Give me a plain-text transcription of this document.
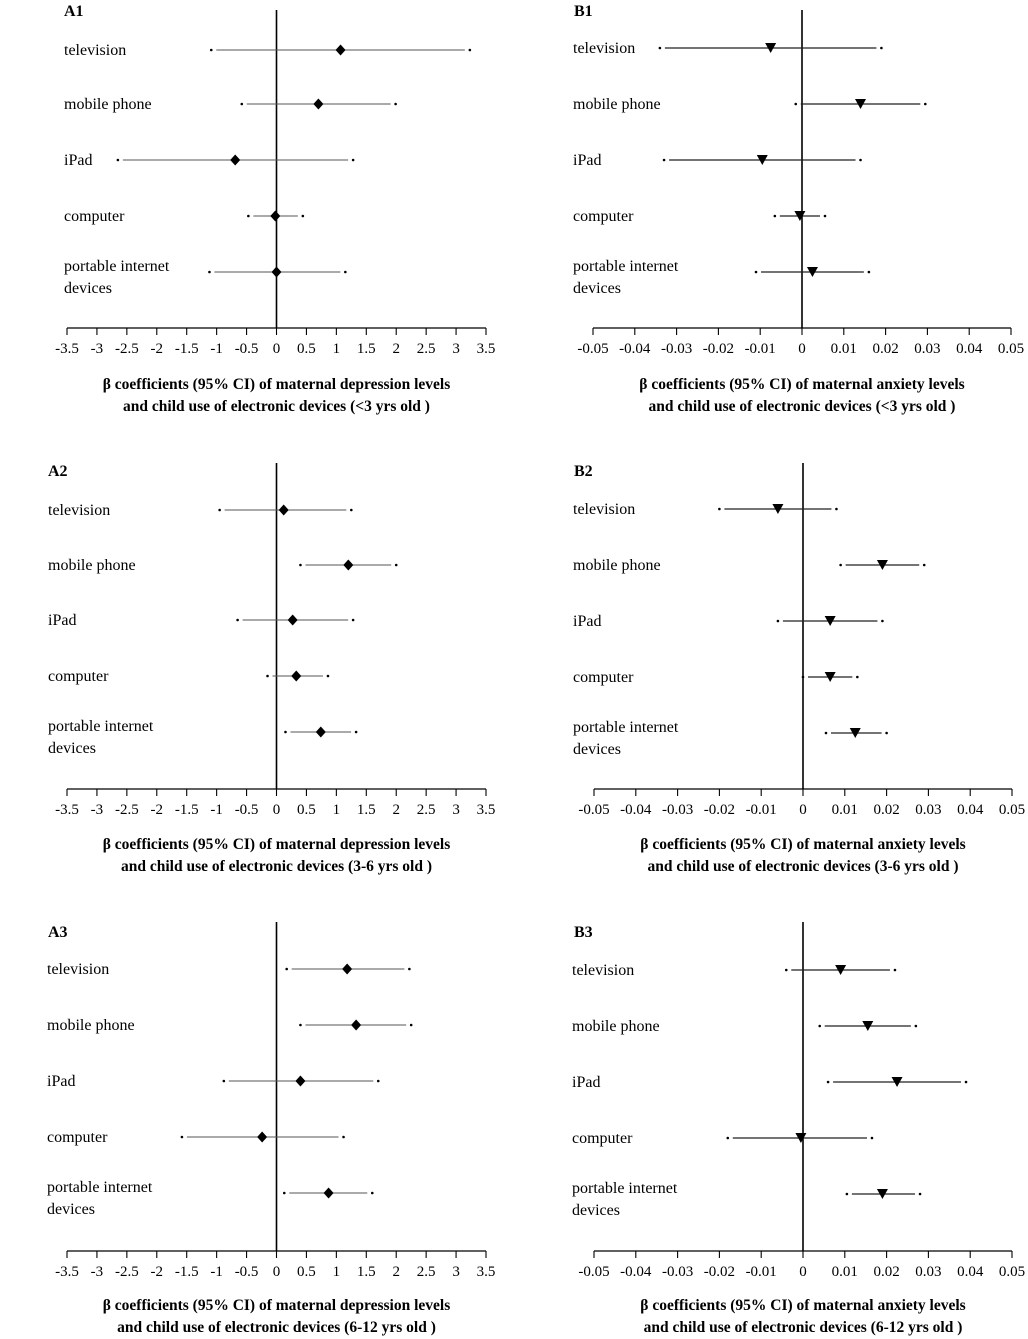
A1
-3.5 -3 -2.5 -2 -1.5 -1 -0.5 0 0.5 1 1.5 2 2.5 3 3.5
television
mobile phone
iPad
computer
portable internet
devices
β coefficients (95% CI) of maternal depression levels
and child use of electronic devices (<3 yrs old )
B1
-0.05 -0.04 -0.03 -0.02 -0.01 0 0.01 0.02 0.03 0.04 0.05
television
mobile phone
iPad
computer
portable internet
devices
β coefficients (95% CI) of maternal anxiety levels
and child use of electronic devices (<3 yrs old )
A2
-3.5 -3 -2.5 -2 -1.5 -1 -0.5 0 0.5 1 1.5 2 2.5 3 3.5
television
mobile phone
iPad
computer
portable internet
devices
β coefficients (95% CI) of maternal depression levels
and child use of electronic devices (3-6 yrs old )
B2
-0.05 -0.04 -0.03 -0.02 -0.01 0 0.01 0.02 0.03 0.04 0.05
television
mobile phone
iPad
computer
portable internet
devices
β coefficients (95% CI) of maternal anxiety levels
and child use of electronic devices (3-6 yrs old )
A3
-3.5 -3 -2.5 -2 -1.5 -1 -0.5 0 0.5 1 1.5 2 2.5 3 3.5
television
mobile phone
iPad
computer
portable internet
devices
β coefficients (95% CI) of maternal depression levels
and child use of electronic devices (6-12 yrs old )
B3
-0.05 -0.04 -0.03 -0.02 -0.01 0 0.01 0.02 0.03 0.04 0.05
television
mobile phone
iPad
computer
portable internet
devices
β coefficients (95% CI) of maternal anxiety levels
and child use of electronic devices (6-12 yrs old )
